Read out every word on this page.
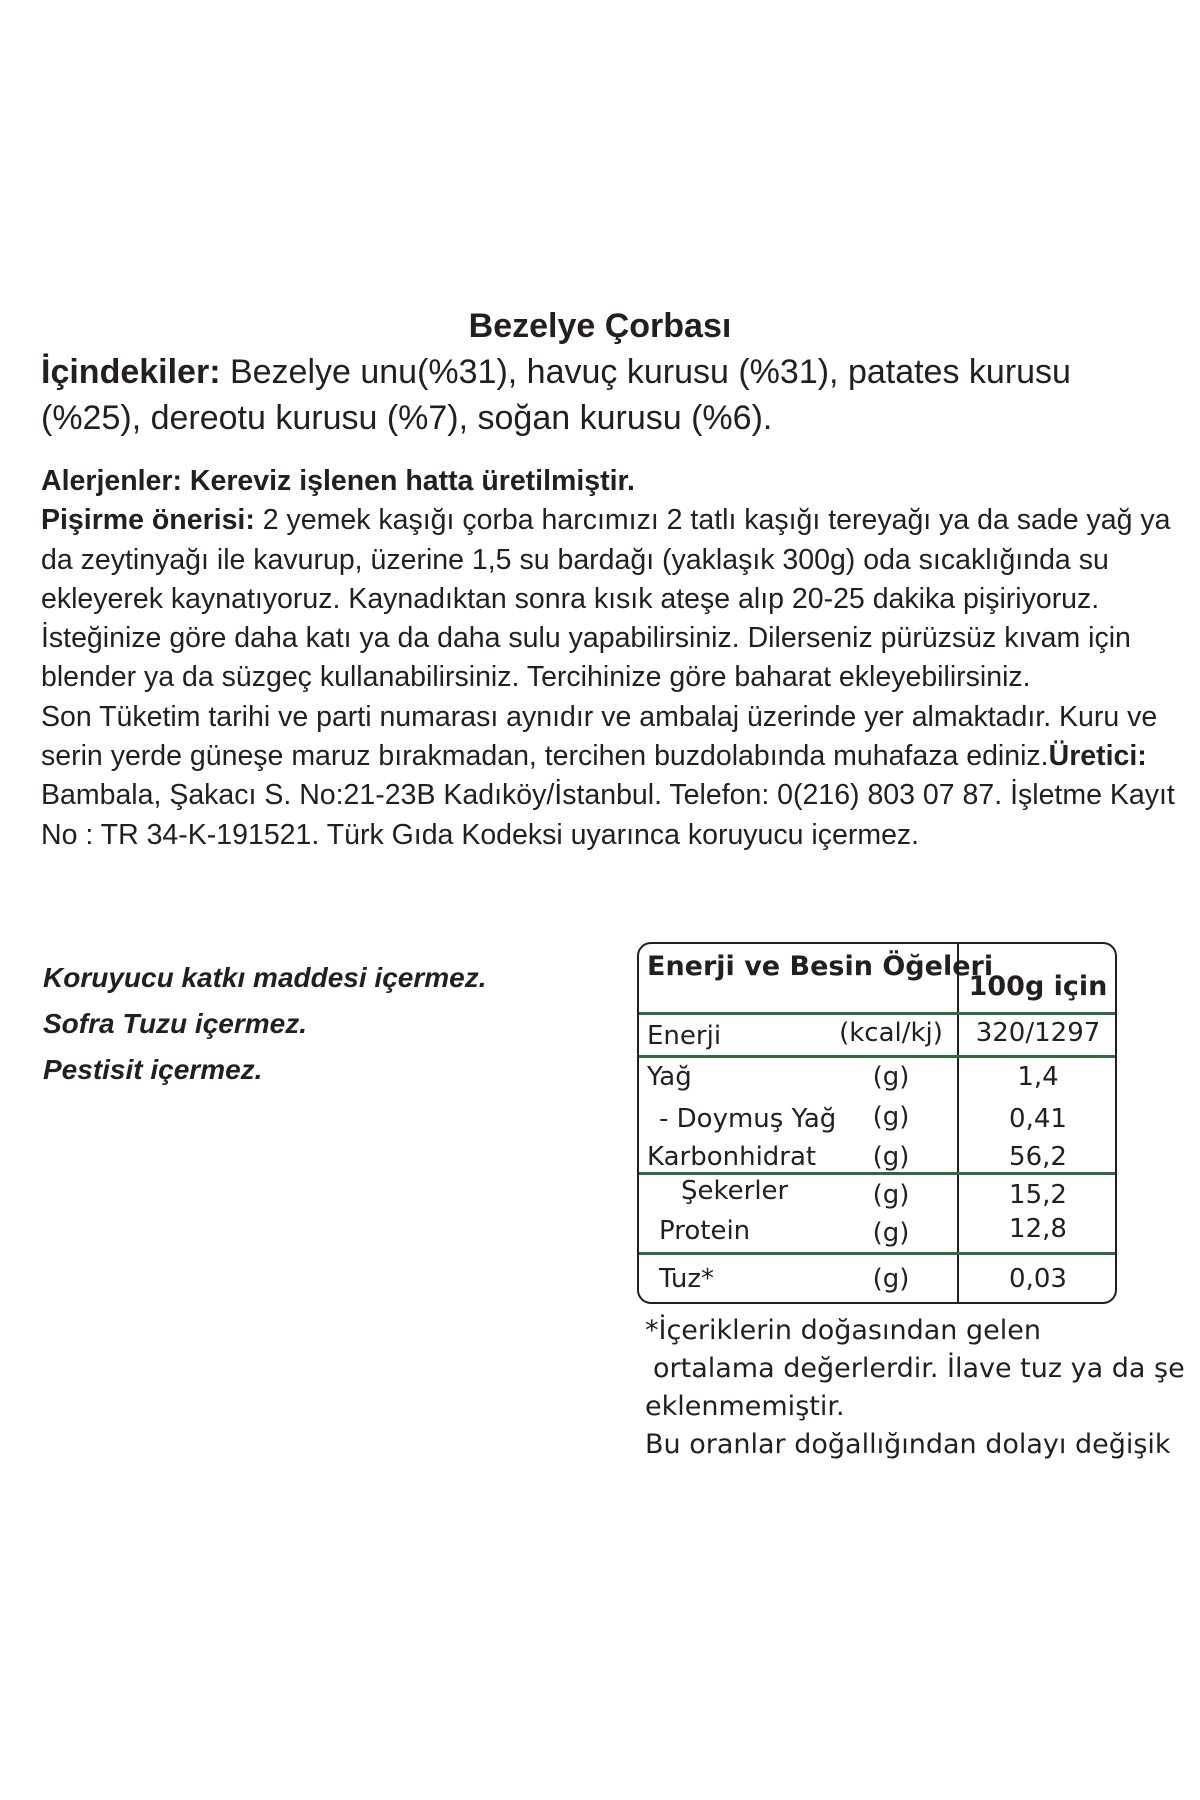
Bezelye Çorbası
İçindekiler: Bezelye unu(%31), havuç kurusu (%31), patates kurusu (%25), dereotu kurusu (%7), soğan kurusu (%6).
Alerjenler: Kereviz işlenen hatta üretilmiştir.
Pişirme önerisi: 2 yemek kaşığı çorba harcımızı 2 tatlı kaşığı tereyağı ya da sade yağ ya da zeytinyağı ile kavurup, üzerine 1,5 su bardağı (yaklaşık 300g) oda sıcaklığında su ekleyerek kaynatıyoruz. Kaynadıktan sonra kısık ateşe alıp 20-25 dakika pişiriyoruz. İsteğinize göre daha katı ya da daha sulu yapabilirsiniz. Dilerseniz pürüzsüz kıvam için blender ya da süzgeç kullanabilirsiniz. Tercihinize göre baharat ekleyebilirsiniz.
Son Tüketim tarihi ve parti numarası aynıdır ve ambalaj üzerinde yer almaktadır. Kuru ve serin yerde güneşe maruz bırakmadan, tercihen buzdolabında muhafaza ediniz.Üretici: Bambala, Şakacı S. No:21-23B Kadıköy/İstanbul. Telefon: 0(216) 803 07 87. İşletme Kayıt No : TR 34-K-191521. Türk Gıda Kodeksi uyarınca koruyucu içermez.
Koruyucu katkı maddesi içermez.
Sofra Tuzu içermez.
Pestisit içermez.
Enerji ve Besin Öğeleri
100g için
Enerji	(kcal/kj)	320/1297
Yağ	(g)	1,4
- Doymuş Yağ	(g)	0,41
Karbonhidrat	(g)	56,2
Şekerler	(g)	15,2
Protein	(g)	12,8
Tuz*	(g)	0,03
*İçeriklerin doğasından gelen
ortalama değerlerdir. İlave tuz ya da şe
eklenmemiştir.
Bu oranlar doğallığından dolayı değişik
